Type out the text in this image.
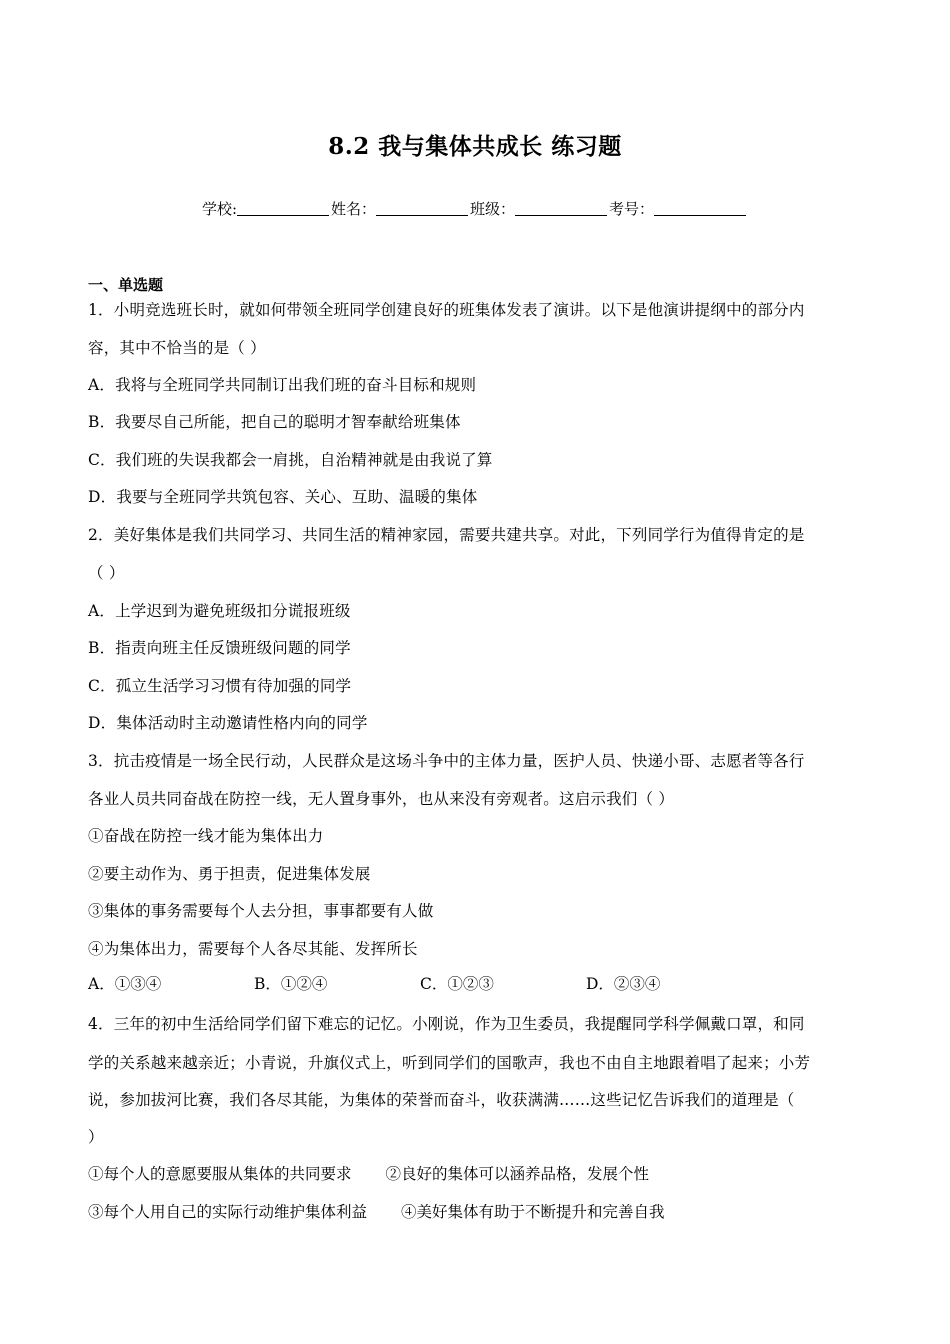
8.2 我与集体共成长 练习题
学校:	姓名：	班级：	考号：
一、单选题
1．小明竞选班长时，就如何带领全班同学创建良好的班集体发表了演讲。以下是他演讲提纲中的部分内
容，其中不恰当的是（ ）
A．我将与全班同学共同制订出我们班的奋斗目标和规则
B．我要尽自己所能，把自己的聪明才智奉献给班集体
C．我们班的失误我都会一肩挑，自治精神就是由我说了算
D．我要与全班同学共筑包容、关心、互助、温暖的集体
2．美好集体是我们共同学习、共同生活的精神家园，需要共建共享。对此，下列同学行为值得肯定的是
（ ）
A．上学迟到为避免班级扣分谎报班级
B．指责向班主任反馈班级问题的同学
C．孤立生活学习习惯有待加强的同学
D．集体活动时主动邀请性格内向的同学
3．抗击疫情是一场全民行动，人民群众是这场斗争中的主体力量，医护人员、快递小哥、志愿者等各行
各业人员共同奋战在防控一线，无人置身事外，也从来没有旁观者。这启示我们（ ）
①奋战在防控一线才能为集体出力
②要主动作为、勇于担责，促进集体发展
③集体的事务需要每个人去分担，事事都要有人做
④为集体出力，需要每个人各尽其能、发挥所长
A．①③④	B．①②④	C．①②③	D．②③④
4．三年的初中生活给同学们留下难忘的记忆。小刚说，作为卫生委员，我提醒同学科学佩戴口罩，和同
学的关系越来越亲近；小青说，升旗仪式上，听到同学们的国歌声，我也不由自主地跟着唱了起来；小芳
说，参加拔河比赛，我们各尽其能，为集体的荣誉而奋斗，收获满满……这些记忆告诉我们的道理是（
）
①每个人的意愿要服从集体的共同要求 ②良好的集体可以涵养品格，发展个性
③每个人用自己的实际行动维护集体利益 ④美好集体有助于不断提升和完善自我
